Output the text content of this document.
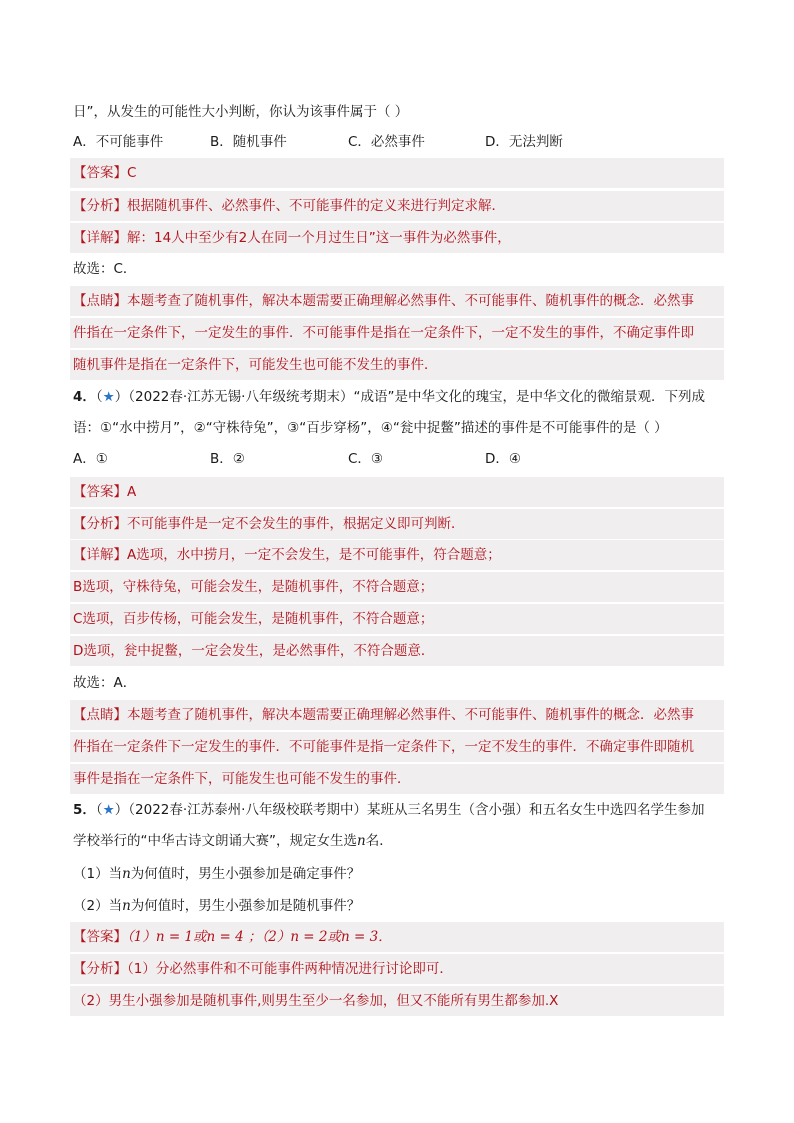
日”，从发生的可能性大小判断，你认为该事件属于（ ）
A．不可能事件	B．随机事件	C．必然事件	D．无法判断
【答案】C
【分析】根据随机事件、必然事件、不可能事件的定义来进行判定求解．
【详解】解：14人中至少有2人在同一个月过生日”这一事件为必然事件，
故选：C．
【点睛】本题考查了随机事件，解决本题需要正确理解必然事件、不可能事件、随机事件的概念．必然事
件指在一定条件下，一定发生的事件．不可能事件是指在一定条件下，一定不发生的事件，不确定事件即
随机事件是指在一定条件下，可能发生也可能不发生的事件．
4．（★）（2022春·江苏无锡·八年级统考期末）“成语”是中华文化的瑰宝，是中华文化的微缩景观．下列成
语：①“水中捞月”，②“守株待兔”，③“百步穿杨”，④“瓮中捉鳖”描述的事件是不可能事件的是（ ）
A．①	B．②	C．③	D．④
【答案】A
【分析】不可能事件是一定不会发生的事件，根据定义即可判断．
【详解】A选项，水中捞月，一定不会发生，是不可能事件，符合题意；
B选项，守株待兔，可能会发生，是随机事件，不符合题意；
C选项，百步传杨，可能会发生，是随机事件，不符合题意；
D选项，瓮中捉鳖，一定会发生，是必然事件，不符合题意．
故选：A．
【点睛】本题考查了随机事件，解决本题需要正确理解必然事件、不可能事件、随机事件的概念．必然事
件指在一定条件下一定发生的事件．不可能事件是指一定条件下，一定不发生的事件．不确定事件即随机
事件是指在一定条件下，可能发生也可能不发生的事件．
5．（★）（2022春·江苏泰州·八年级校联考期中）某班从三名男生（含小强）和五名女生中选四名学生参加
学校举行的“中华古诗文朗诵大赛”，规定女生选n名．
（1）当n为何值时，男生小强参加是确定事件？
（2）当n为何值时，男生小强参加是随机事件？
【答案】（1）n = 1或n = 4 ；（2）n = 2或n = 3．
【分析】（1）分必然事件和不可能事件两种情况进行讨论即可．
（2）男生小强参加是随机事件,则男生至少一名参加，但又不能所有男生都参加.X
